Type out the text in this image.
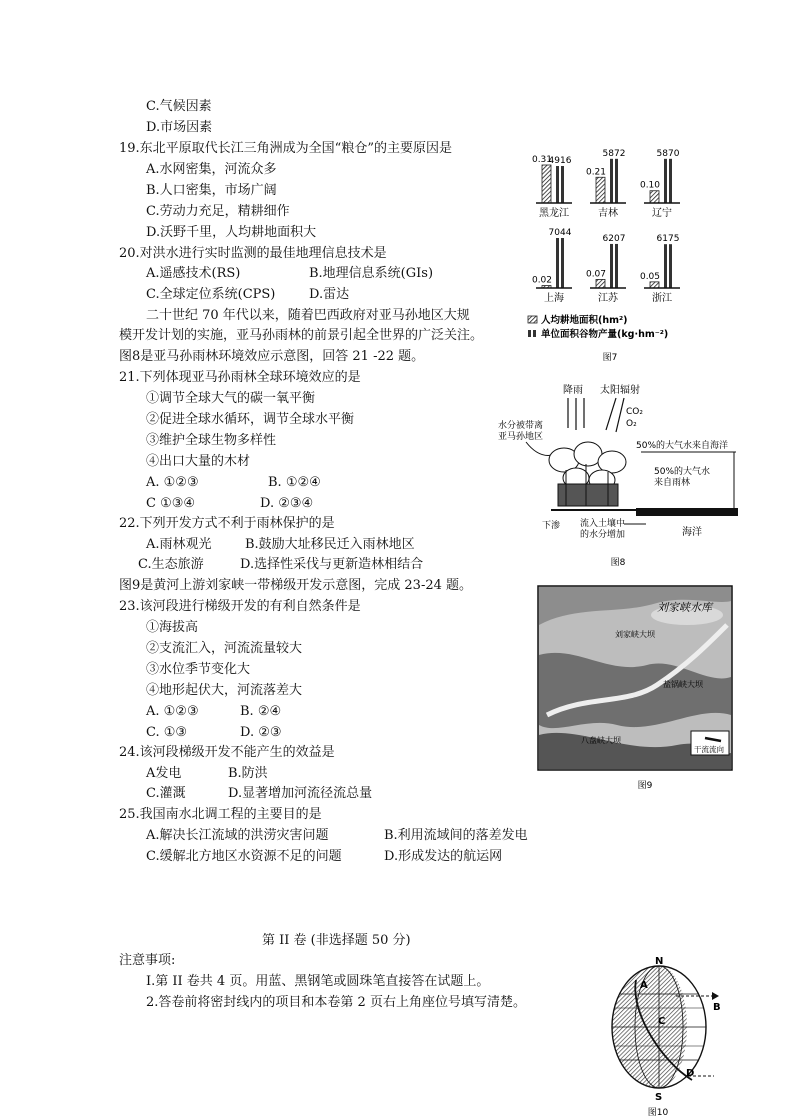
C.气候因素
D.市场因素
19.东北平原取代长江三角洲成为全国“粮仓”的主要原因是
A.水网密集，河流众多
B.人口密集，市场广阔
C.劳动力充足，精耕细作
D.沃野千里，人均耕地面积大
20.对洪水进行实时监测的最佳地理信息技术是
A.遥感技术(RS)	B.地理信息系统(GIs)
C.全球定位系统(CPS)	D.雷达
二十世纪 70 年代以来，随着巴西政府对亚马孙地区大规
模开发计划的实施，亚马孙雨林的前景引起全世界的广泛关注。
图8是亚马孙雨林环境效应示意图，回答 21 -22 题。
21.下列体现亚马孙雨林全球环境效应的是
①调节全球大气的碳一氧平衡
②促进全球水循环，调节全球水平衡
③维护全球生物多样性
④出口大量的木材
A. ①②③	B. ①②④
C ①③④	D. ②③④
22.下列开发方式不利于雨林保护的是
A.雨林观光	B.鼓励大址移民迁入雨林地区
C.生态旅游	D.选择性采伐与更新造林相结合
图9是黄河上游刘家峡一带梯级开发示意图，完成 23-24 题。
23.该河段进行梯级开发的有利自然条件是
①海拔高
②支流汇入，河流流量较大
③水位季节变化大
④地形起伏大，河流落差大
A. ①②③	B. ②④
C. ①③	D. ②③
24.该河段梯级开发不能产生的效益是
A发电	B.防洪
C.灌溉	D.显著增加河流径流总量
25.我国南水北调工程的主要目的是
A.解决长江流域的洪涝灾害问题	B.利用流域间的落差发电
C.缓解北方地区水资源不足的问题	D.形成发达的航运网
第 II 卷 (非选择题 50 分)
注意事项:
I.第 II 卷共 4 页。用蓝、黑钢笔或圆珠笔直接答在试题上。
2.答卷前将密封线内的项目和本卷第 2 页右上角座位号填写清楚。
4916
0.31
黑龙江
5872
0.21
吉林
5870
0.10
辽宁
7044
0.02
上海
6207
0.07
江苏
6175
0.05
浙江
人均耕地面积(hm²)
单位面积谷物产量(kg·hm⁻²)
图7
降雨 太阳辐射
CO₂
O₂
水分被带离
亚马孙地区
50%的大气水来自海洋
50%的大气水
来自雨林
下渗 流入土壤中
的水分增加	海洋
图8
刘家峡水库
刘家峡大坝
盐锅峡大坝
八盘峡大坝
干流流向
图9
N
S
A
B
C
D
图10
